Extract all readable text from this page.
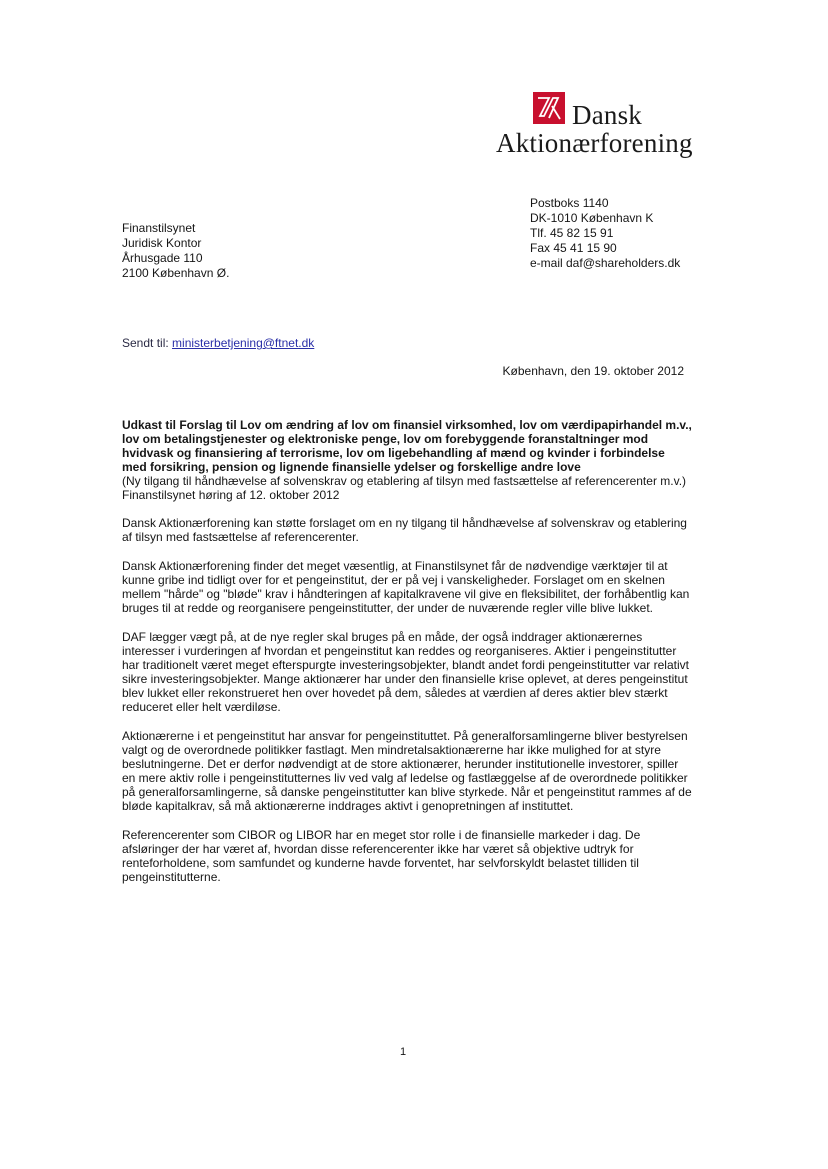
Dansk
Aktionærforening
Postboks 1140
DK-1010 København K
Tlf. 45 82 15 91
Fax 45 41 15 90
e-mail daf@shareholders.dk
Finanstilsynet
Juridisk Kontor
Århusgade 110
2100 København Ø.
Sendt til: ministerbetjening@ftnet.dk
København, den 19. oktober 2012

Udkast til Forslag til Lov om ændring af lov om finansiel virksomhed, lov om værdipapirhandel m.v., lov om betalingstjenester og elektroniske penge, lov om forebyggende foranstaltninger mod hvidvask og finansiering af terrorisme, lov om ligebehandling af mænd og kvinder i forbindelse med forsikring, pension og lignende finansielle ydelser og forskellige andre love

(Ny tilgang til håndhævelse af solvenskrav og etablering af tilsyn med fastsættelse af referencerenter m.v.)

Finanstilsynet høring af 12. oktober 2012

Dansk Aktionærforening kan støtte forslaget om en ny tilgang til håndhævelse af solvenskrav og etablering af tilsyn med fastsættelse af referencerenter.

Dansk Aktionærforening finder det meget væsentlig, at Finanstilsynet får de nødvendige værktøjer til at kunne gribe ind tidligt over for et pengeinstitut, der er på vej i vanskeligheder. Forslaget om en skelnen mellem "hårde" og "bløde" krav i håndteringen af kapitalkravene vil give en fleksibilitet, der forhåbentlig kan bruges til at redde og reorganisere pengeinstitutter, der under de nuværende regler ville blive lukket.

DAF lægger vægt på, at de nye regler skal bruges på en måde, der også inddrager aktionærernes interesser i vurderingen af hvordan et pengeinstitut kan reddes og reorganiseres. Aktier i pengeinstitutter har traditionelt været meget efterspurgte investeringsobjekter, blandt andet fordi pengeinstitutter var relativt sikre investeringsobjekter. Mange aktionærer har under den finansielle krise oplevet, at deres pengeinstitut blev lukket eller rekonstrueret hen over hovedet på dem, således at værdien af deres aktier blev stærkt reduceret eller helt værdiløse.

Aktionærerne i et pengeinstitut har ansvar for pengeinstituttet. På generalforsamlingerne bliver bestyrelsen valgt og de overordnede politikker fastlagt. Men mindretalsaktionærerne har ikke mulighed for at styre beslutningerne. Det er derfor nødvendigt at de store aktionærer, herunder institutionelle investorer, spiller en mere aktiv rolle i pengeinstitutternes liv ved valg af ledelse og fastlæggelse af de overordnede politikker på generalforsamlingerne, så danske pengeinstitutter kan blive styrkede. Når et pengeinstitut rammes af de bløde kapitalkrav, så må aktionærerne inddrages aktivt i genopretningen af instituttet.

Referencerenter som CIBOR og LIBOR har en meget stor rolle i de finansielle markeder i dag. De afsløringer der har været af, hvordan disse referencerenter ikke har været så objektive udtryk for renteforholdene, som samfundet og kunderne havde forventet, har selvforskyldt belastet tilliden til pengeinstitutterne.

1
